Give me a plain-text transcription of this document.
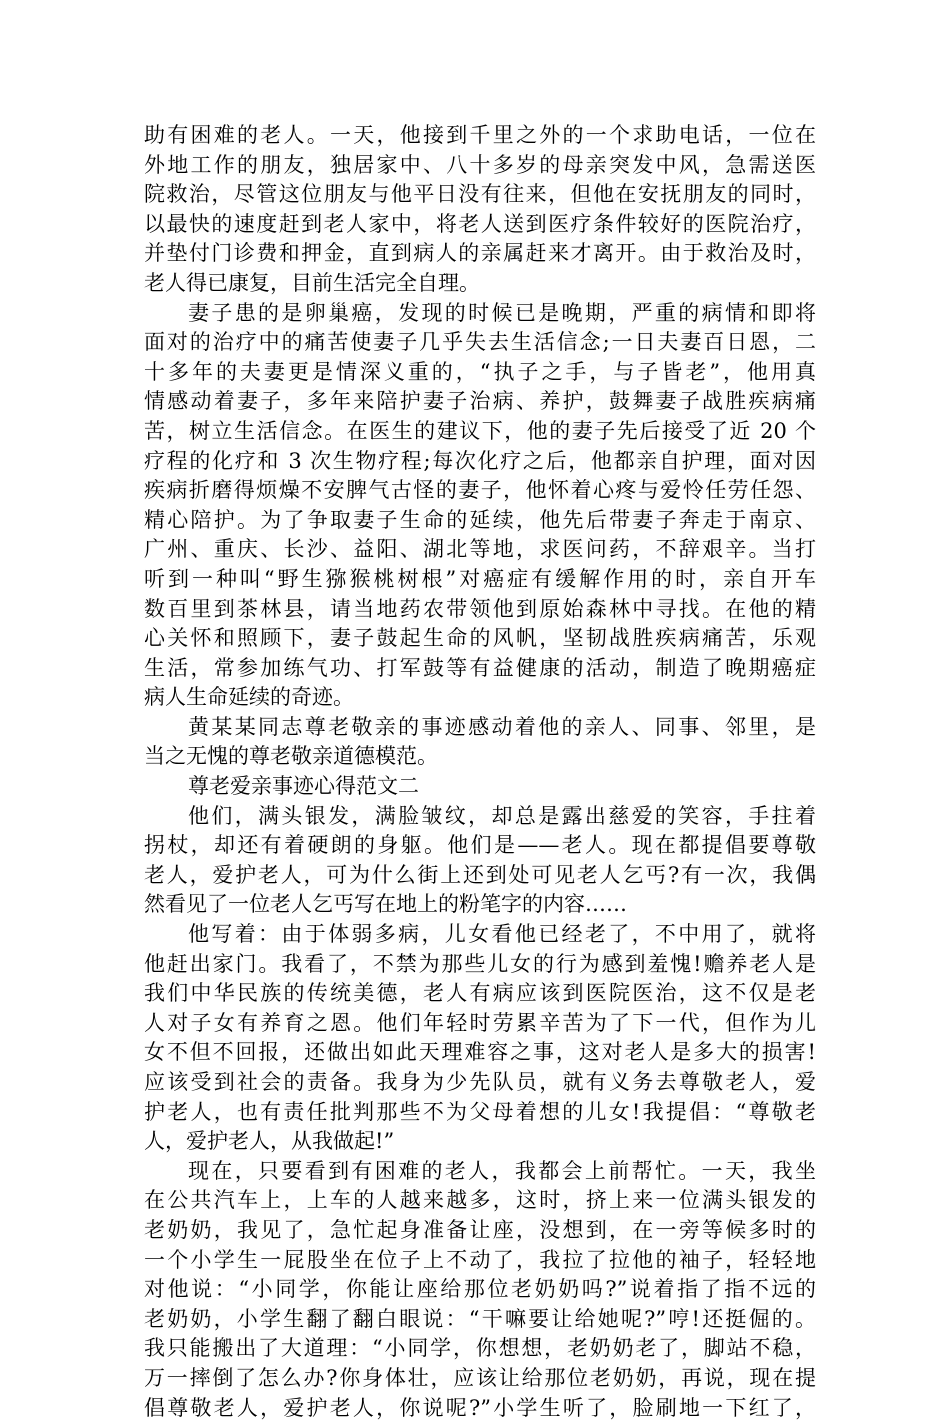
助有困难的老人。一天，他接到千里之外的一个求助电话，一位在
外地工作的朋友，独居家中、八十多岁的母亲突发中风，急需送医
院救治，尽管这位朋友与他平日没有往来，但他在安抚朋友的同时，
以最快的速度赶到老人家中，将老人送到医疗条件较好的医院治疗，
并垫付门诊费和押金，直到病人的亲属赶来才离开。由于救治及时，
老人得已康复，目前生活完全自理。
妻子患的是卵巢癌，发现的时候已是晚期，严重的病情和即将
面对的治疗中的痛苦使妻子几乎失去生活信念;一日夫妻百日恩，二
十多年的夫妻更是情深义重的，“执子之手，与子皆老”，他用真
情感动着妻子，多年来陪护妻子治病、养护，鼓舞妻子战胜疾病痛
苦，树立生活信念。在医生的建议下，他的妻子先后接受了近 20 个
疗程的化疗和 3 次生物疗程;每次化疗之后，他都亲自护理，面对因
疾病折磨得烦燥不安脾气古怪的妻子，他怀着心疼与爱怜任劳任怨、
精心陪护。为了争取妻子生命的延续，他先后带妻子奔走于南京、
广州、重庆、长沙、益阳、湖北等地，求医问药，不辞艰辛。当打
听到一种叫“野生猕猴桃树根”对癌症有缓解作用的时，亲自开车
数百里到茶林县，请当地药农带领他到原始森林中寻找。在他的精
心关怀和照顾下，妻子鼓起生命的风帆，坚韧战胜疾病痛苦，乐观
生活，常参加练气功、打军鼓等有益健康的活动，制造了晚期癌症
病人生命延续的奇迹。
黄某某同志尊老敬亲的事迹感动着他的亲人、同事、邻里，是
当之无愧的尊老敬亲道德模范。
尊老爱亲事迹心得范文二
他们，满头银发，满脸皱纹，却总是露出慈爱的笑容，手拄着
拐杖，却还有着硬朗的身躯。他们是——老人。现在都提倡要尊敬
老人，爱护老人，可为什么街上还到处可见老人乞丐?有一次，我偶
然看见了一位老人乞丐写在地上的粉笔字的内容……
他写着：由于体弱多病，儿女看他已经老了，不中用了，就将
他赶出家门。我看了，不禁为那些儿女的行为感到羞愧!赡养老人是
我们中华民族的传统美德，老人有病应该到医院医治，这不仅是老
人对子女有养育之恩。他们年轻时劳累辛苦为了下一代，但作为儿
女不但不回报，还做出如此天理难容之事，这对老人是多大的损害!
应该受到社会的责备。我身为少先队员，就有义务去尊敬老人，爱
护老人，也有责任批判那些不为父母着想的儿女!我提倡：“尊敬老
人，爱护老人，从我做起!”
现在，只要看到有困难的老人，我都会上前帮忙。一天，我坐
在公共汽车上，上车的人越来越多，这时，挤上来一位满头银发的
老奶奶，我见了，急忙起身准备让座，没想到，在一旁等候多时的
一个小学生一屁股坐在位子上不动了，我拉了拉他的袖子，轻轻地
对他说：“小同学，你能让座给那位老奶奶吗?”说着指了指不远的
老奶奶，小学生翻了翻白眼说：“干嘛要让给她呢?”哼!还挺倔的。
我只能搬出了大道理：“小同学，你想想，老奶奶老了，脚站不稳，
万一摔倒了怎么办?你身体壮，应该让给那位老奶奶，再说，现在提
倡尊敬老人，爱护老人，你说呢?”小学生听了，脸刷地一下红了，
